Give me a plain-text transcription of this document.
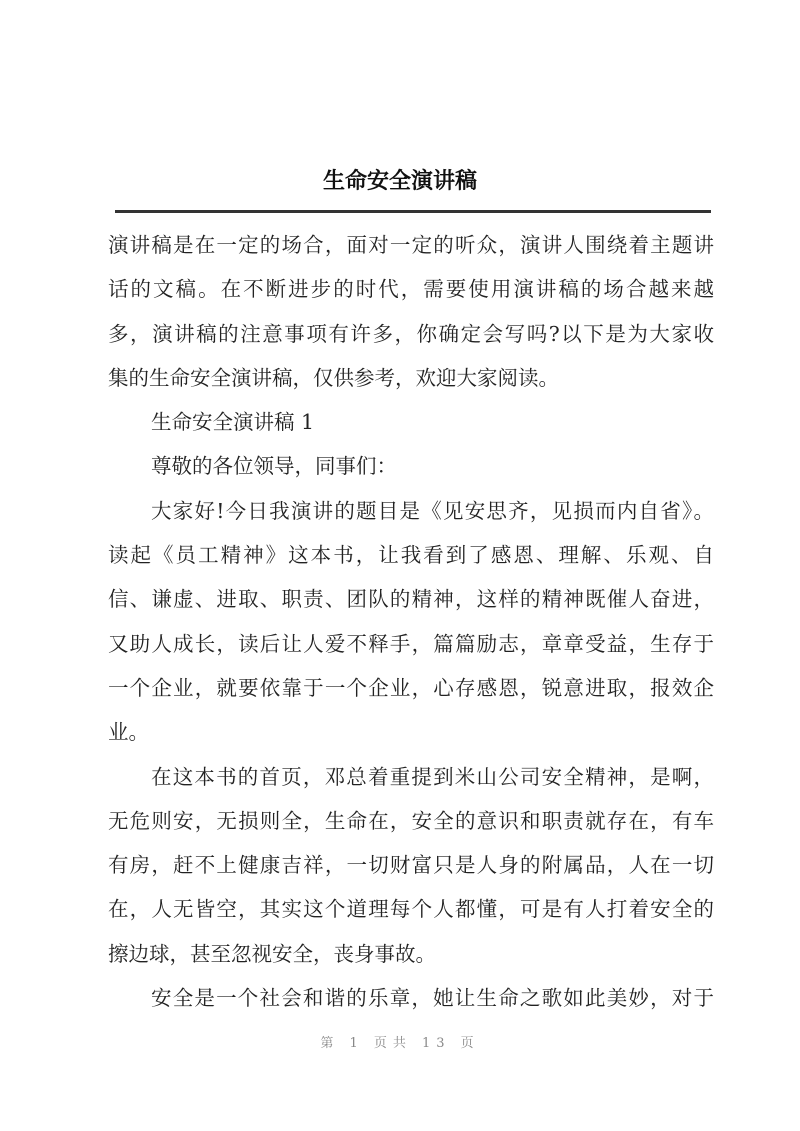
生命安全演讲稿
演讲稿是在一定的场合，面对一定的听众，演讲人围绕着主题讲
话的文稿。在不断进步的时代，需要使用演讲稿的场合越来越
多，演讲稿的注意事项有许多，你确定会写吗?以下是为大家收
集的生命安全演讲稿，仅供参考，欢迎大家阅读。
生命安全演讲稿 1
尊敬的各位领导，同事们：
大家好!今日我演讲的题目是《见安思齐，见损而内自省》。
读起《员工精神》这本书，让我看到了感恩、理解、乐观、自
信、谦虚、进取、职责、团队的精神，这样的精神既催人奋进，
又助人成长，读后让人爱不释手，篇篇励志，章章受益，生存于
一个企业，就要依靠于一个企业，心存感恩，锐意进取，报效企
业。
在这本书的首页，邓总着重提到米山公司安全精神，是啊，
无危则安，无损则全，生命在，安全的意识和职责就存在，有车
有房，赶不上健康吉祥，一切财富只是人身的附属品，人在一切
在，人无皆空，其实这个道理每个人都懂，可是有人打着安全的
擦边球，甚至忽视安全，丧身事故。
安全是一个社会和谐的乐章，她让生命之歌如此美妙，对于
第 1 页共 13 页
